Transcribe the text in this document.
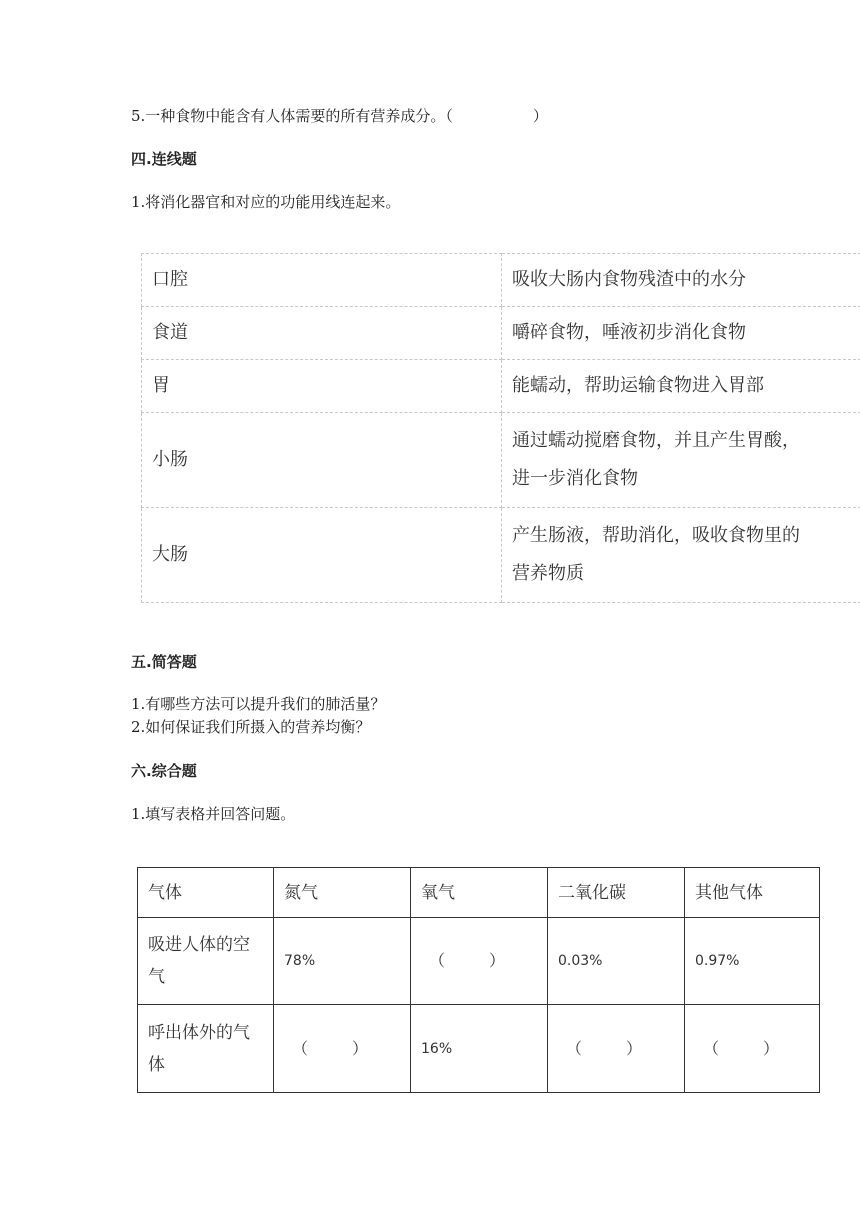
5.一种食物中能含有人体需要的所有营养成分。（	）
四.连线题
1.将消化器官和对应的功能用线连起来。
口腔	吸收大肠内食物残渣中的水分
食道	嚼碎食物，唾液初步消化食物
胃	能蠕动，帮助运输食物进入胃部
小肠	通过蠕动搅磨食物，并且产生胃酸，
进一步消化食物

大肠	产生肠液，帮助消化，吸收食物里的
营养物质
五.简答题
1.有哪些方法可以提升我们的肺活量？
2.如何保证我们所摄入的营养均衡？
六.综合题
1.填写表格并回答问题。
气体	氮气	氧气	二氧化碳	其他气体

吸进人体的空
气	78%	（ ）	0.03%	0.97%

呼出体外的气
体	（ ）	16%	（ ）	（ ）
